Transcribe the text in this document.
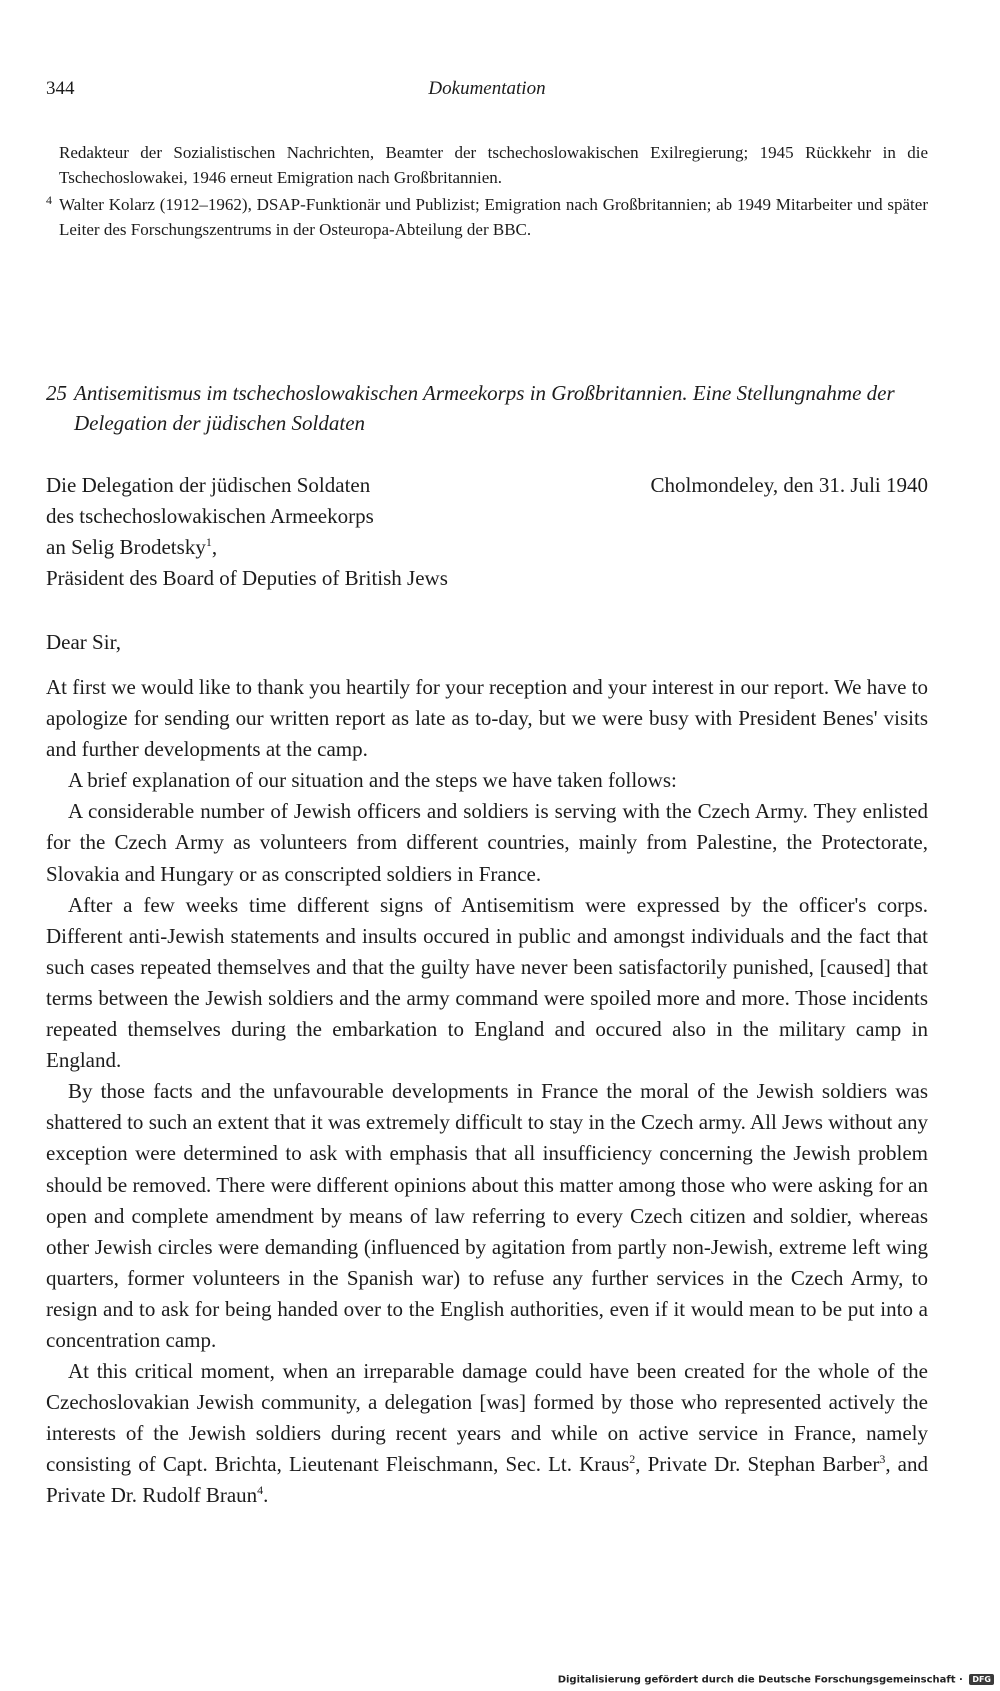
344	Dokumentation
Redakteur der Sozialistischen Nachrichten, Beamter der tschechoslowakischen Exilregierung; 1945 Rückkehr in die Tschechoslowakei, 1946 erneut Emigration nach Großbritannien.
4 Walter Kolarz (1912–1962), DSAP-Funktionär und Publizist; Emigration nach Großbritannien; ab 1949 Mitarbeiter und später Leiter des Forschungszentrums in der Osteuropa-Abteilung der BBC.
25 Antisemitismus im tschechoslowakischen Armeekorps in Großbritannien. Eine Stellungnahme der Delegation der jüdischen Soldaten
Cholmondeley, den 31. Juli 1940
Die Delegation der jüdischen Soldaten
des tschechoslowakischen Armeekorps
an Selig Brodetsky$^1$,
Präsident des Board of Deputies of British Jews
Dear Sir,

At first we would like to thank you heartily for your reception and your interest in our report. We have to apologize for sending our written report as late as to-day, but we were busy with President Benes' visits and further developments at the camp.

A brief explanation of our situation and the steps we have taken follows:

A considerable number of Jewish officers and soldiers is serving with the Czech Army. They enlisted for the Czech Army as volunteers from different countries, mainly from Palestine, the Protectorate, Slovakia and Hungary or as conscripted soldiers in France.

After a few weeks time different signs of Antisemitism were expressed by the officer's corps. Different anti-Jewish statements and insults occured in public and amongst individuals and the fact that such cases repeated themselves and that the guilty have never been satisfactorily punished, [caused] that terms between the Jewish soldiers and the army command were spoiled more and more. Those incidents repeated themselves during the embarkation to England and occured also in the military camp in England.

By those facts and the unfavourable developments in France the moral of the Jewish soldiers was shattered to such an extent that it was extremely difficult to stay in the Czech army. All Jews without any exception were determined to ask with emphasis that all insufficiency concerning the Jewish problem should be removed. There were different opinions about this matter among those who were asking for an open and complete amendment by means of law referring to every Czech citizen and soldier, whereas other Jewish circles were demanding (influenced by agitation from partly non-Jewish, extreme left wing quarters, former volunteers in the Spanish war) to refuse any further services in the Czech Army, to resign and to ask for being handed over to the English authorities, even if it would mean to be put into a concentration camp.

At this critical moment, when an irreparable damage could have been created for the whole of the Czechoslovakian Jewish community, a delegation [was] formed by those who represented actively the interests of the Jewish soldiers during recent years and while on active service in France, namely consisting of Capt. Brichta, Lieutenant Fleischmann, Sec. Lt. Kraus$^2$, Private Dr. Stephan Barber$^3$, and Private Dr. Rudolf Braun$^4$.

Digitalisierung gefördert durch die Deutsche Forschungsgemeinschaft · DFG
